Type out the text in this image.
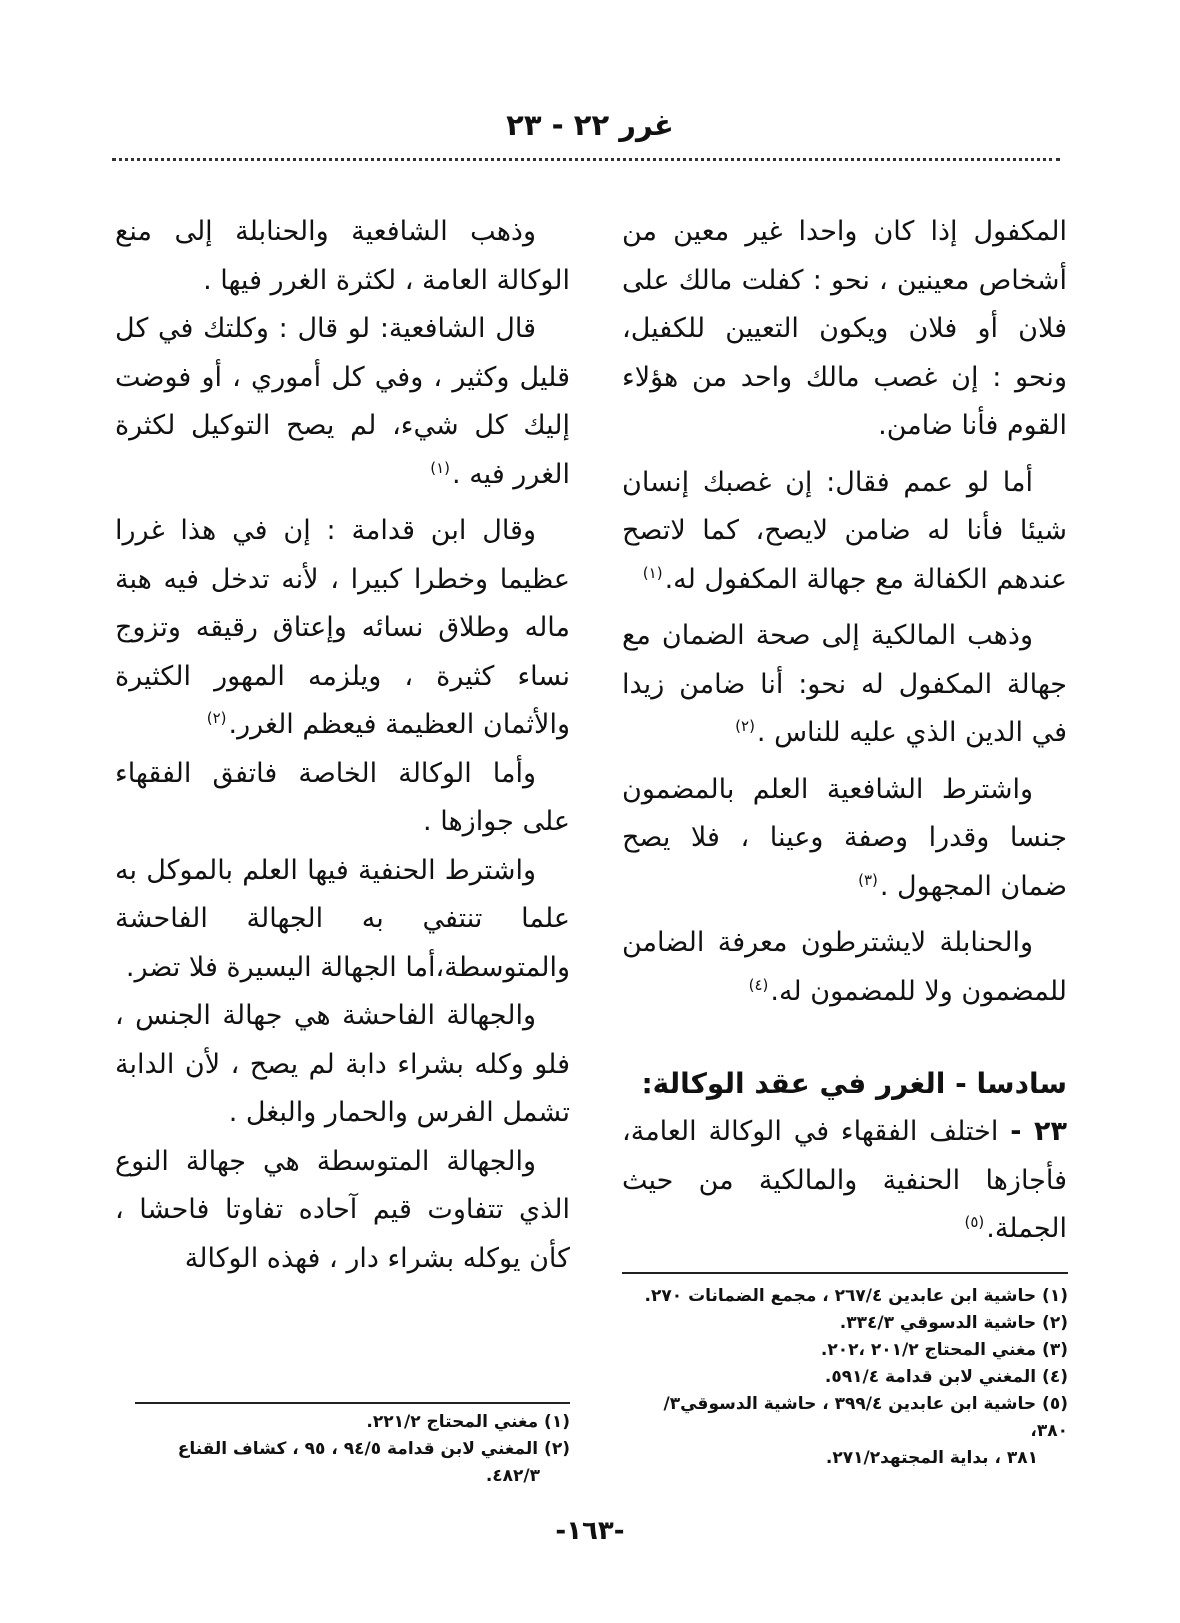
غرر ٢٢ - ٢٣

المكفول إذا كان واحدا غير معين من أشخاص معينين ، نحو : كفلت مالك على فلان أو فلان ويكون التعيين للكفيل، ونحو : إن غصب مالك واحد من هؤلاء القوم فأنا ضامن.

أما لو عمم فقال: إن غصبك إنسان شيئا فأنا له ضامن لايصح، كما لاتصح عندهم الكفالة مع جهالة المكفول له.$^{(١)}$

وذهب المالكية إلى صحة الضمان مع جهالة المكفول له نحو: أنا ضامن زيدا في الدين الذي عليه للناس .$^{(٢)}$

واشترط الشافعية العلم بالمضمون جنسا وقدرا وصفة وعينا ، فلا يصح ضمان المجهول .$^{(٣)}$

والحنابلة لايشترطون معرفة الضامن للمضمون ولا للمضمون له.$^{(٤)}$

سادسا - الغرر في عقد الوكالة:

٢٣ - اختلف الفقهاء في الوكالة العامة، فأجازها الحنفية والمالكية من حيث الجملة.$^{(٥)}$

وذهب الشافعية والحنابلة إلى منع الوكالة العامة ، لكثرة الغرر فيها .

قال الشافعية: لو قال : وكلتك في كل قليل وكثير ، وفي كل أموري ، أو فوضت إليك كل شيء، لم يصح التوكيل لكثرة الغرر فيه .$^{(١)}$

وقال ابن قدامة : إن في هذا غررا عظيما وخطرا كبيرا ، لأنه تدخل فيه هبة ماله وطلاق نسائه وإعتاق رقيقه وتزوج نساء كثيرة ، ويلزمه المهور الكثيرة والأثمان العظيمة فيعظم الغرر.$^{(٢)}$

وأما الوكالة الخاصة فاتفق الفقهاء على جوازها .

واشترط الحنفية فيها العلم بالموكل به علما تنتفي به الجهالة الفاحشة والمتوسطة،أما الجهالة اليسيرة فلا تضر.

والجهالة الفاحشة هي جهالة الجنس ، فلو وكله بشراء دابة لم يصح ، لأن الدابة تشمل الفرس والحمار والبغل .

والجهالة المتوسطة هي جهالة النوع الذي تتفاوت قيم آحاده تفاوتا فاحشا ، كأن يوكله بشراء دار ، فهذه الوكالة

(١) حاشية ابن عابدين ٢٦٧/٤ ، مجمع الضمانات ٢٧٠.
(٢) حاشية الدسوقي ٣٣٤/٣.
(٣) مغني المحتاج ٢٠١/٢ ،٢٠٢.
(٤) المغني لابن قدامة ٥٩١/٤.
(٥) حاشية ابن عابدين ٣٩٩/٤ ، حاشية الدسوقي٣/ ٣٨٠،
٣٨١ ، بداية المجتهد٢٧١/٢.
(١) مغني المحتاج ٢٢١/٢.
(٢) المغني لابن قدامة ٩٤/٥ ، ٩٥ ، كشاف القناع
٤٨٢/٣.
-١٦٣-
